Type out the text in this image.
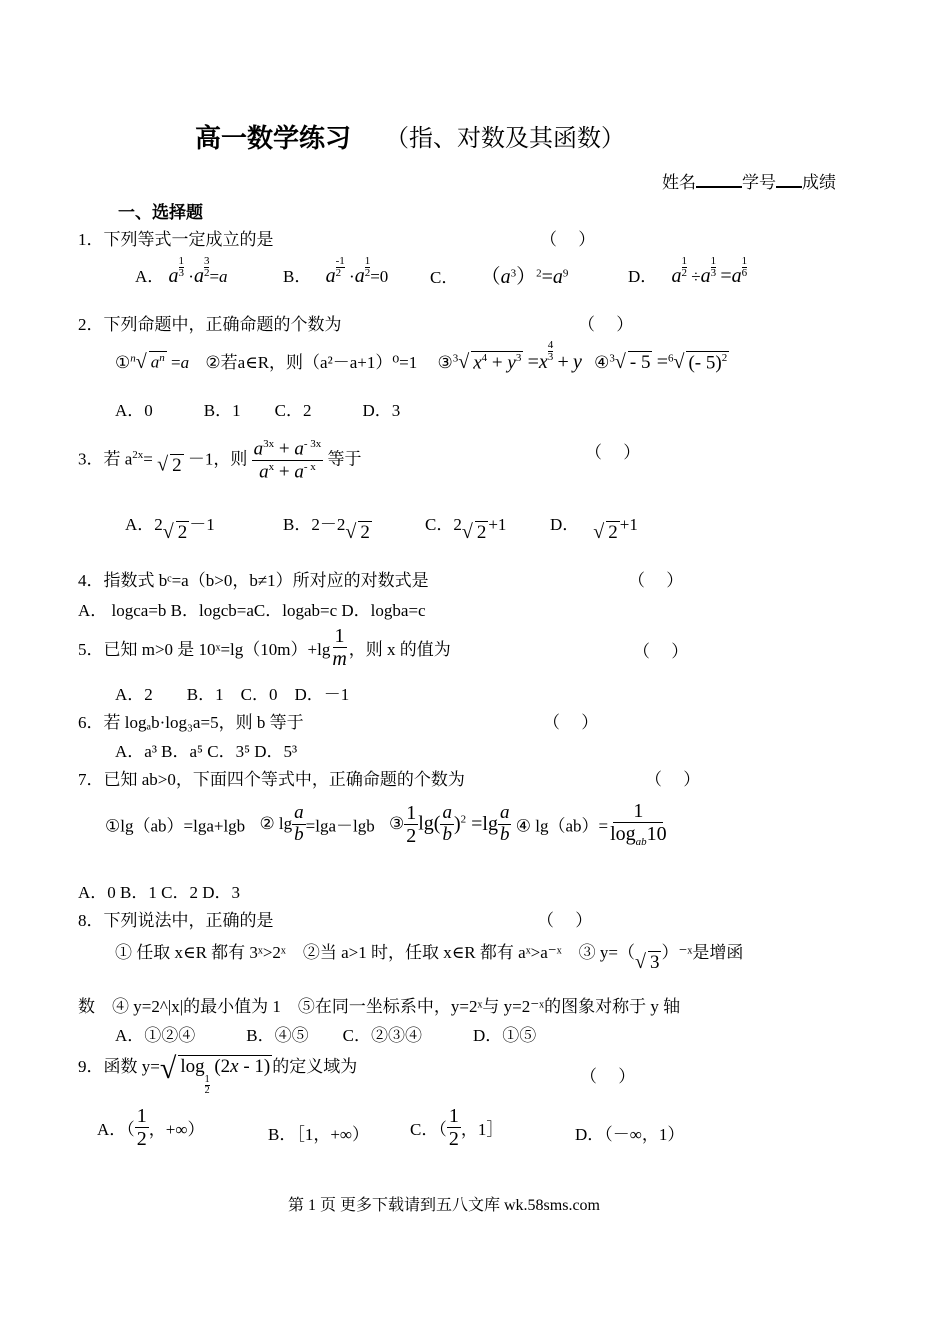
高一数学练习 （指、对数及其函数）
姓名	学号 成绩
一、选择题
1．下列等式一定成立的是	（　 ）
A． a $\frac{1}{3} \cdot a \frac{3}{2} =a$	B． a $\frac{-1}{2} \cdot a \frac{1}{2} =0$ C． $(a^3)^2=a^9$	D． a $\frac{1}{2} \div a \frac{1}{3} =a \frac{1}{6}$
2．下列命题中，正确命题的个数为	（　 ）
①$^n$√ $a^n =a$ ②若a∈R，则（a²－a+1）⁰=1 ③$^3$√ $x^4 + y^3 =x \frac{4}{3} + y$ ④$^3$√ - 5 =$^6$√ (- 5)$^2$
A．0　　　B．1　　C．2　　　D．3
3．若 $a^{2x}=$ √ 2 －1，则 $\frac{a^{3x} + a^{- 3x}}{a^x + a^{- x}}$ 等于	（　 ）
A．2√ 2 －1	B．2－2√ 2	C．2√ 2 +1	D． √ 2 +1
4．指数式 bᶜ=a（b>0，b≠1）所对应的对数式是	（　 ）
A． logca=b B．logcb=aC．logab=c D．logba=c
5．已知 m>0 是 10ˣ=lg（10m）+lg $\frac{1}{m}$ ，则 x 的值为	（　 ）
A．2　　B．1　C．0　D．－1
6．若 logₐb·log₃a=5，则 b 等于	（　 ）
A．a³ B．a⁵ C．3⁵ D．5³
7．已知 ab>0，下面四个等式中，正确命题的个数为	（　 ）
①lg（ab）=lga+lgb ② $\lg \frac{a}{b} =\lg a-\lg b$ ③ $\frac{1}{2} \lg( \frac{a}{b} )^2 =\lg \frac{a}{b}$ ④ $\lg(ab)= \frac{1}{\log_{ab}10}$
A．0 B．1 C．2 D．3
8．下列说法中，正确的是	（　 ）
① 任取 x∈R 都有 3ˣ>2ˣ　②当 a>1 时，任取 x∈R 都有 aˣ>a⁻ˣ　③ y=（√ 3 ）⁻ˣ是增函
数　④ y=2^|x|的最小值为 1　⑤在同一坐标系中，y=2ˣ与 y=2⁻ˣ的图象对称于 y 轴
A．①②④　　　B．④⑤　　C．②③④　　　D．①⑤
9．函数 y=√ log
$\frac{1}{2}$
(2x - 1) 的定义域为
（　 ）
A．（ $\frac{1}{2}$ ，+∞）	B．［1，+∞） C．（ $\frac{1}{2}$ ，1］	D．（－∞，1）
第 1 页 更多下载请到五八文库 wk.58sms.com
